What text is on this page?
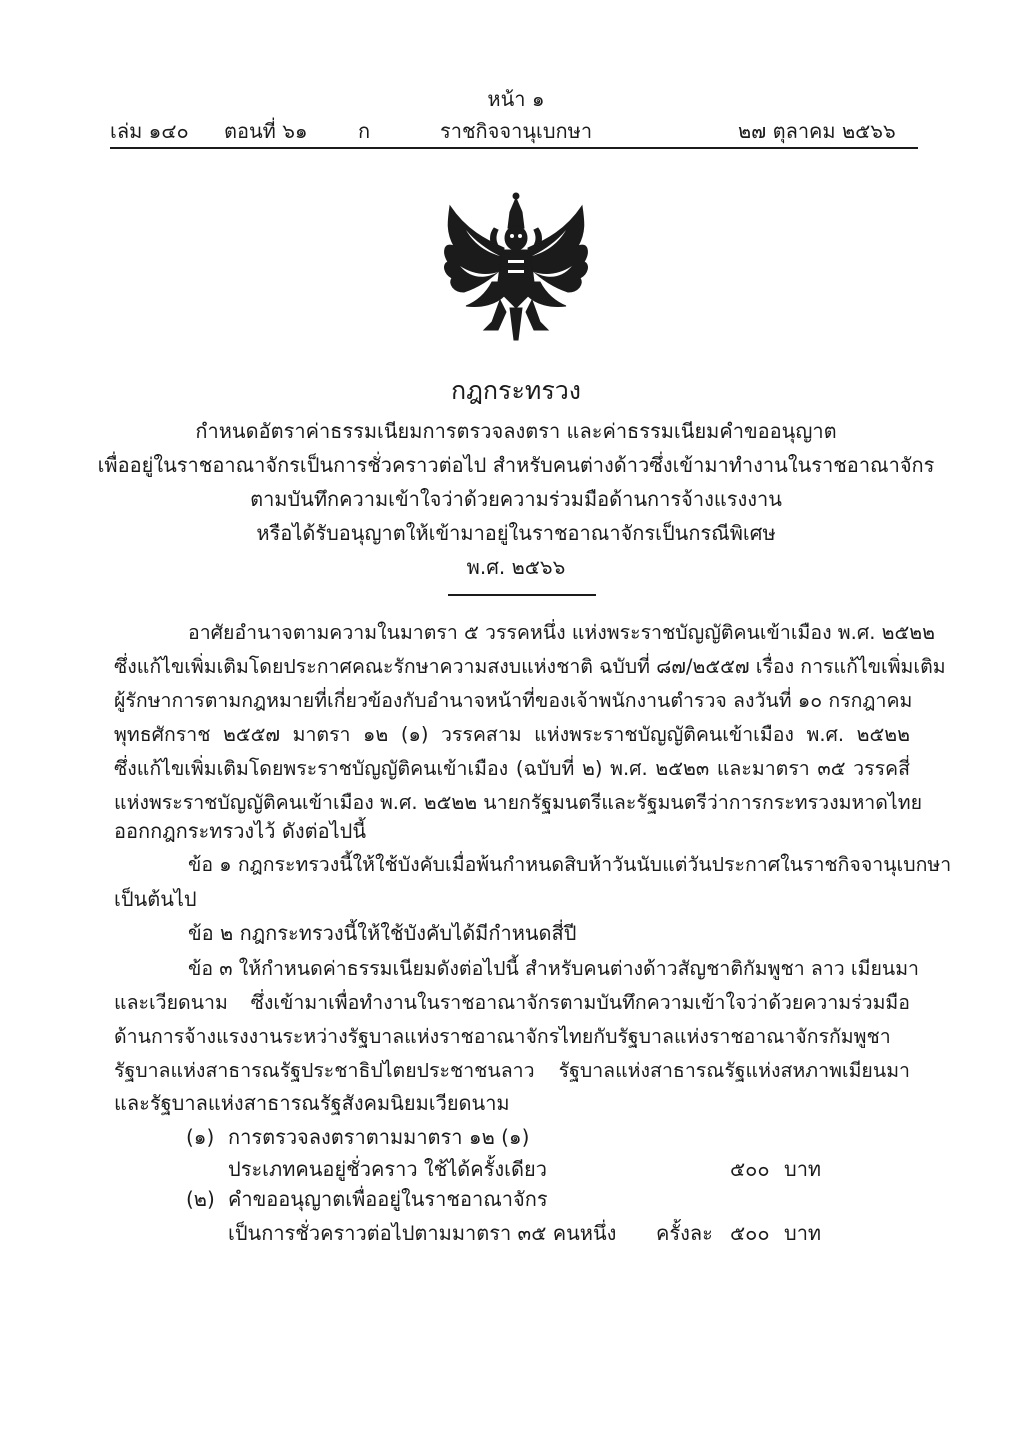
หน้า ๑
เล่ม ๑๔๐ ตอนที่ ๖๑	ก	ราชกิจจานุเบกษา	๒๗ ตุลาคม ๒๕๖๖
กฎกระทรวง
กำหนดอัตราค่าธรรมเนียมการตรวจลงตรา และค่าธรรมเนียมคำขออนุญาต
เพื่ออยู่ในราชอาณาจักรเป็นการชั่วคราวต่อไป สำหรับคนต่างด้าวซึ่งเข้ามาทำงานในราชอาณาจักร
ตามบันทึกความเข้าใจว่าด้วยความร่วมมือด้านการจ้างแรงงาน
หรือได้รับอนุญาตให้เข้ามาอยู่ในราชอาณาจักรเป็นกรณีพิเศษ
พ.ศ. ๒๕๖๖
อาศัยอำนาจตามความในมาตรา ๕ วรรคหนึ่ง แห่งพระราชบัญญัติคนเข้าเมือง พ.ศ. ๒๕๒๒
ซึ่งแก้ไขเพิ่มเติมโดยประกาศคณะรักษาความสงบแห่งชาติ ฉบับที่ ๘๗/๒๕๕๗ เรื่อง การแก้ไขเพิ่มเติม
ผู้รักษาการตามกฎหมายที่เกี่ยวข้องกับอำนาจหน้าที่ของเจ้าพนักงานตำรวจ ลงวันที่ ๑๐ กรกฎาคม
พุทธศักราช ๒๕๕๗ มาตรา ๑๒ (๑) วรรคสาม แห่งพระราชบัญญัติคนเข้าเมือง พ.ศ. ๒๕๒๒
ซึ่งแก้ไขเพิ่มเติมโดยพระราชบัญญัติคนเข้าเมือง (ฉบับที่ ๒) พ.ศ. ๒๕๒๓ และมาตรา ๓๕ วรรคสี่
แห่งพระราชบัญญัติคนเข้าเมือง พ.ศ. ๒๕๒๒ นายกรัฐมนตรีและรัฐมนตรีว่าการกระทรวงมหาดไทย
ออกกฎกระทรวงไว้ ดังต่อไปนี้
ข้อ ๑ กฎกระทรวงนี้ให้ใช้บังคับเมื่อพ้นกำหนดสิบห้าวันนับแต่วันประกาศในราชกิจจานุเบกษา
เป็นต้นไป
ข้อ ๒ กฎกระทรวงนี้ให้ใช้บังคับได้มีกำหนดสี่ปี
ข้อ ๓ ให้กำหนดค่าธรรมเนียมดังต่อไปนี้ สำหรับคนต่างด้าวสัญชาติกัมพูชา ลาว เมียนมา
และเวียดนาม ซึ่งเข้ามาเพื่อทำงานในราชอาณาจักรตามบันทึกความเข้าใจว่าด้วยความร่วมมือ
ด้านการจ้างแรงงานระหว่างรัฐบาลแห่งราชอาณาจักรไทยกับรัฐบาลแห่งราชอาณาจักรกัมพูชา
รัฐบาลแห่งสาธารณรัฐประชาธิปไตยประชาชนลาว รัฐบาลแห่งสาธารณรัฐแห่งสหภาพเมียนมา
และรัฐบาลแห่งสาธารณรัฐสังคมนิยมเวียดนาม
(๑) การตรวจลงตราตามมาตรา ๑๒ (๑)
ประเภทคนอยู่ชั่วคราว ใช้ได้ครั้งเดียว	๕๐๐ บาท
(๒) คำขออนุญาตเพื่ออยู่ในราชอาณาจักร
เป็นการชั่วคราวต่อไปตามมาตรา ๓๕ คนหนึ่ง ครั้งละ ๕๐๐ บาท
